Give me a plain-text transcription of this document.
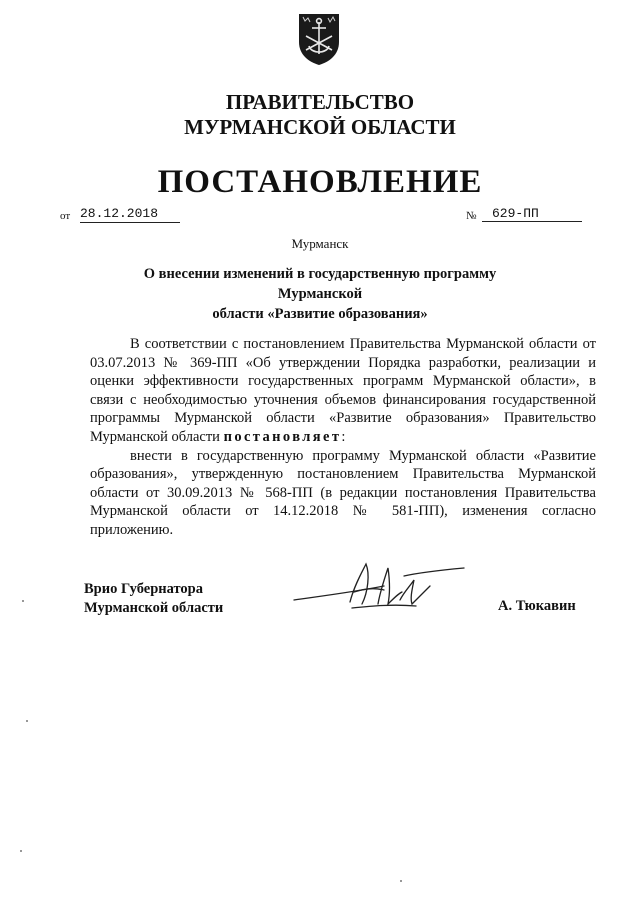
ПРАВИТЕЛЬСТВО
МУРМАНСКОЙ ОБЛАСТИ
ПОСТАНОВЛЕНИЕ
от 28.12.2018	№	629-ПП
Мурманск
О внесении изменений в государственную программу Мурманской
области «Развитие образования»

В соответствии с постановлением Правительства Мурманской области от 03.07.2013 № 369-ПП «Об утверждении Порядка разработки, реализации и оценки эффективности государственных программ Мурманской области», в связи с необходимостью уточнения объемов финансирования государственной программы Мурманской области «Развитие образования» Правительство Мурманской области постановляет:

внести в государственную программу Мурманской области «Развитие образования», утвержденную постановлением Правительства Мурманской области от 30.09.2013 № 568-ПП (в редакции постановления Правительства Мурманской области от 14.12.2018 № 581-ПП), изменения согласно приложению.

Врио Губернатора
Мурманской области	А. Тюкавин
